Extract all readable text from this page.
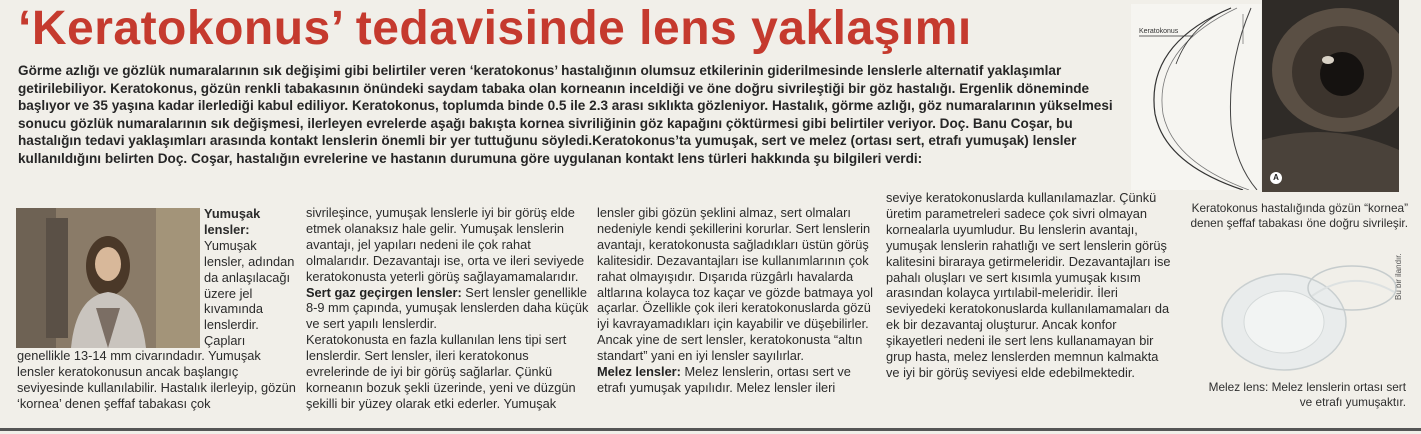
‘Keratokonus’ tedavisinde lens yaklaşımı

Görme azlığı ve gözlük numaralarının sık değişimi gibi belirtiler veren ‘keratokonus’ hastalığının olumsuz etkilerinin giderilmesinde lenslerle alternatif yaklaşımlar getirilebiliyor. Keratokonus, gözün renkli tabakasının önündeki saydam tabaka olan korneanın inceldiği ve öne doğru sivrileştiği bir göz hastalığı. Ergenlik döneminde başlıyor ve 35 yaşına kadar ilerlediği kabul ediliyor. Keratokonus, toplumda binde 0.5 ile 2.3 arası sıklıkta gözleniyor. Hastalık, görme azlığı, göz numaralarının yükselmesi sonucu gözlük numaralarının sık değişmesi, ilerleyen evrelerde aşağı bakışta kornea sivriliğinin göz kapağını çöktürmesi gibi belirtiler veriyor. Doç. Banu Coşar, bu hastalığın tedavi yaklaşımları arasında kontakt lenslerin önemli bir yer tuttuğunu söyledi.Keratokonus’ta yumuşak, sert ve melez (ortası sert, etrafı yumuşak) lensler kullanıldığını belirten Doç. Coşar, hastalığın evrelerine ve hastanın durumuna göre uygulanan kontakt lens türleri hakkında şu bilgileri verdi:

Yumuşak lensler:
Yumuşak lensler, adından da anlaşılacağı üzere jel kıvamında lenslerdir. Çapları
genellikle 13-14 mm civarındadır. Yumuşak lensler keratokonusun ancak başlangıç seviyesinde kullanılabilir. Hastalık ilerleyip, gözün ‘kornea’ denen şeffaf tabakası çok

sivrileşince, yumuşak lenslerle iyi bir görüş elde etmek olanaksız hale gelir. Yumuşak lenslerin avantajı, jel yapıları nedeni ile çok rahat olmalarıdır. Dezavantajı ise, orta ve ileri seviyede keratokonusta yeterli görüş sağlayamamalarıdır.

Sert gaz geçirgen lensler: Sert lensler genellikle 8-9 mm çapında, yumuşak lenslerden daha küçük ve sert yapılı lenslerdir.

Keratokonusta en fazla kullanılan lens tipi sert lenslerdir. Sert lensler, ileri keratokonus evrelerinde de iyi bir görüş sağlarlar. Çünkü korneanın bozuk şekli üzerinde, yeni ve düzgün şekilli bir yüzey olarak etki ederler. Yumuşak

lensler gibi gözün şeklini almaz, sert olmaları nedeniyle kendi şekillerini korurlar. Sert lenslerin avantajı, keratokonusta sağladıkları üstün görüş kalitesidir. Dezavantajları ise kullanımlarının çok rahat olmayışıdır. Dışarıda rüzgârlı havalarda altlarına kolayca toz kaçar ve gözde batmaya yol açarlar. Özellikle çok ileri keratokonuslarda gözü iyi kavrayamadıkları için kayabilir ve düşebilirler. Ancak yine de sert lensler, keratokonusta “altın standart” yani en iyi lensler sayılırlar.

Melez lensler: Melez lenslerin, ortası sert ve etrafı yumuşak yapılıdır. Melez lensler ileri

seviye keratokonuslarda kullanılamazlar. Çünkü üretim parametreleri sadece çok sivri olmayan kornealarla uyumludur. Bu lenslerin avantajı, yumuşak lenslerin rahatlığı ve sert lenslerin görüş kalitesini biraraya getirmeleridir. Dezavantajları ise pahalı oluşları ve sert kısımla yumuşak kısım arasından kolayca yırtılabil-meleridir. İleri seviyedeki keratokonuslarda kullanılamamaları da ek bir dezavantaj oluşturur. Ancak konfor şikayetleri nedeni ile sert lens kullanamayan bir grup hasta, melez lenslerden memnun kalmakta ve iyi bir görüş seviyesi elde edebilmektedir.

Keratokonus
A
Keratokonus hastalığında gözün “kornea” denen şeffaf tabakası öne doğru sivrileşir.
Bu bir ilandır.
Melez lens: Melez lenslerin ortası sert ve etrafı yumuşaktır.
